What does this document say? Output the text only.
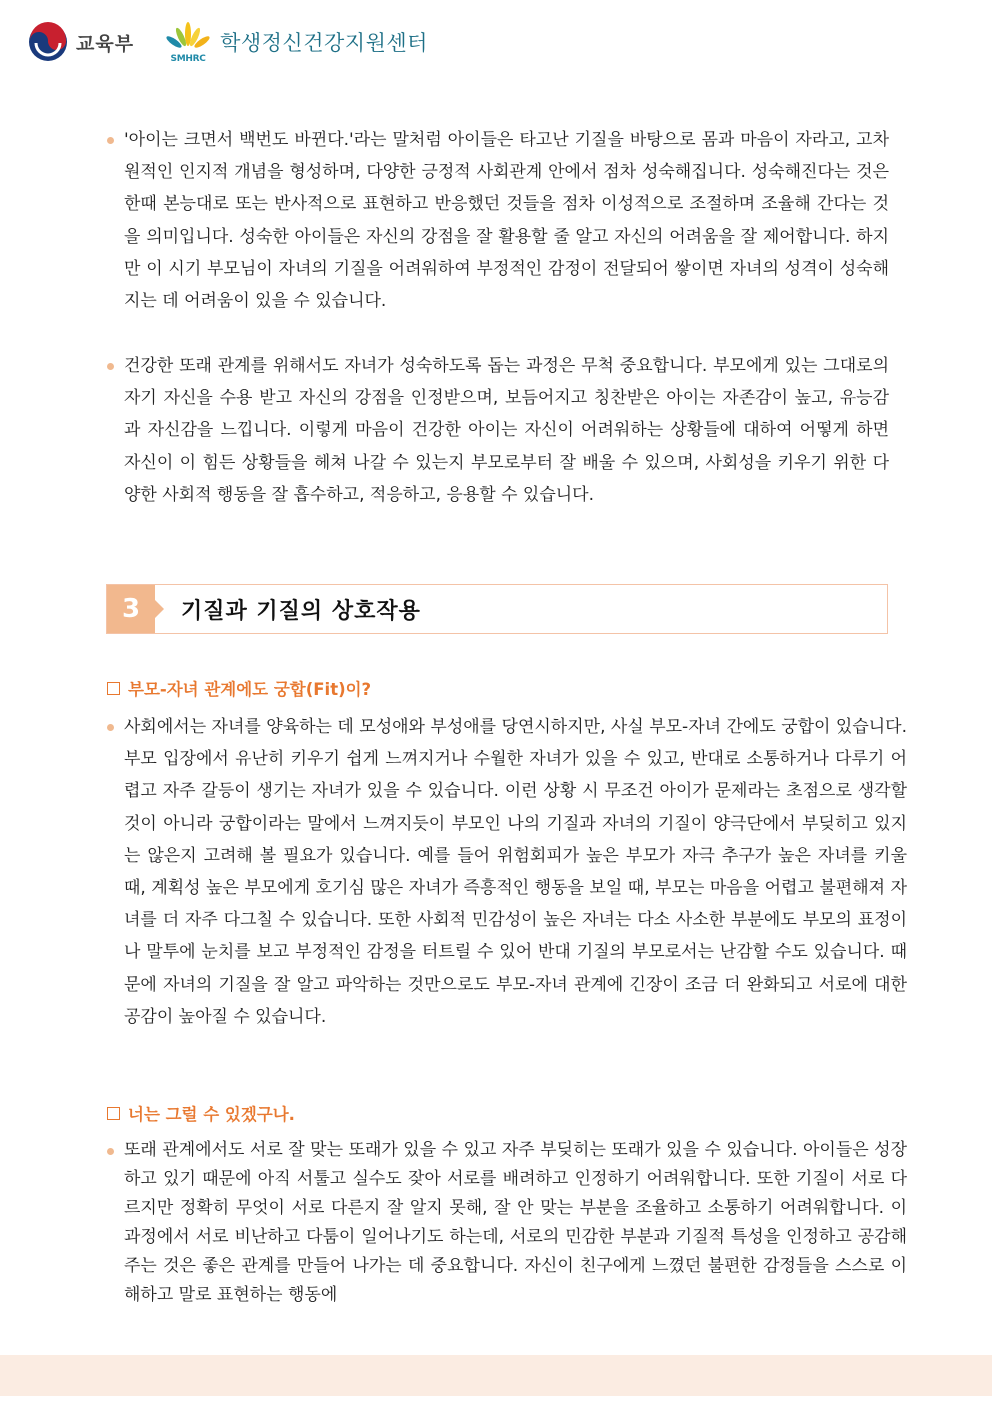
교육부
SMHRC
학생정신건강지원센터
'아이는 크면서 백번도 바뀐다.'라는 말처럼 아이들은 타고난 기질을 바탕으로 몸과 마음이 자라고, 고차원적인 인지적 개념을 형성하며, 다양한 긍정적 사회관계 안에서 점차 성숙해집니다. 성숙해진다는 것은 한때 본능대로 또는 반사적으로 표현하고 반응했던 것들을 점차 이성적으로 조절하며 조율해 간다는 것을 의미입니다. 성숙한 아이들은 자신의 강점을 잘 활용할 줄 알고 자신의 어려움을 잘 제어합니다. 하지만 이 시기 부모님이 자녀의 기질을 어려워하여 부정적인 감정이 전달되어 쌓이면 자녀의 성격이 성숙해지는 데 어려움이 있을 수 있습니다.
건강한 또래 관계를 위해서도 자녀가 성숙하도록 돕는 과정은 무척 중요합니다. 부모에게 있는 그대로의 자기 자신을 수용 받고 자신의 강점을 인정받으며, 보듬어지고 칭찬받은 아이는 자존감이 높고, 유능감과 자신감을 느낍니다. 이렇게 마음이 건강한 아이는 자신이 어려워하는 상황들에 대하여 어떻게 하면 자신이 이 힘든 상황들을 헤쳐 나갈 수 있는지 부모로부터 잘 배울 수 있으며, 사회성을 키우기 위한 다양한 사회적 행동을 잘 흡수하고, 적응하고, 응용할 수 있습니다.
3	기질과 기질의 상호작용
부모-자녀 관계에도 궁합(Fit)이?
사회에서는 자녀를 양육하는 데 모성애와 부성애를 당연시하지만, 사실 부모-자녀 간에도 궁합이 있습니다. 부모 입장에서 유난히 키우기 쉽게 느껴지거나 수월한 자녀가 있을 수 있고, 반대로 소통하거나 다루기 어렵고 자주 갈등이 생기는 자녀가 있을 수 있습니다. 이런 상황 시 무조건 아이가 문제라는 초점으로 생각할 것이 아니라 궁합이라는 말에서 느껴지듯이 부모인 나의 기질과 자녀의 기질이 양극단에서 부딪히고 있지는 않은지 고려해 볼 필요가 있습니다. 예를 들어 위험회피가 높은 부모가 자극 추구가 높은 자녀를 키울 때, 계획성 높은 부모에게 호기심 많은 자녀가 즉흥적인 행동을 보일 때, 부모는 마음을 어렵고 불편해져 자녀를 더 자주 다그칠 수 있습니다. 또한 사회적 민감성이 높은 자녀는 다소 사소한 부분에도 부모의 표정이나 말투에 눈치를 보고 부정적인 감정을 터트릴 수 있어 반대 기질의 부모로서는 난감할 수도 있습니다. 때문에 자녀의 기질을 잘 알고 파악하는 것만으로도 부모-자녀 관계에 긴장이 조금 더 완화되고 서로에 대한 공감이 높아질 수 있습니다.
너는 그럴 수 있겠구나.
또래 관계에서도 서로 잘 맞는 또래가 있을 수 있고 자주 부딪히는 또래가 있을 수 있습니다. 아이들은 성장하고 있기 때문에 아직 서툴고 실수도 잦아 서로를 배려하고 인정하기 어려워합니다. 또한 기질이 서로 다르지만 정확히 무엇이 서로 다른지 잘 알지 못해, 잘 안 맞는 부분을 조율하고 소통하기 어려워합니다. 이 과정에서 서로 비난하고 다툼이 일어나기도 하는데, 서로의 민감한 부분과 기질적 특성을 인정하고 공감해 주는 것은 좋은 관계를 만들어 나가는 데 중요합니다. 자신이 친구에게 느꼈던 불편한 감정들을 스스로 이해하고 말로 표현하는 행동에
